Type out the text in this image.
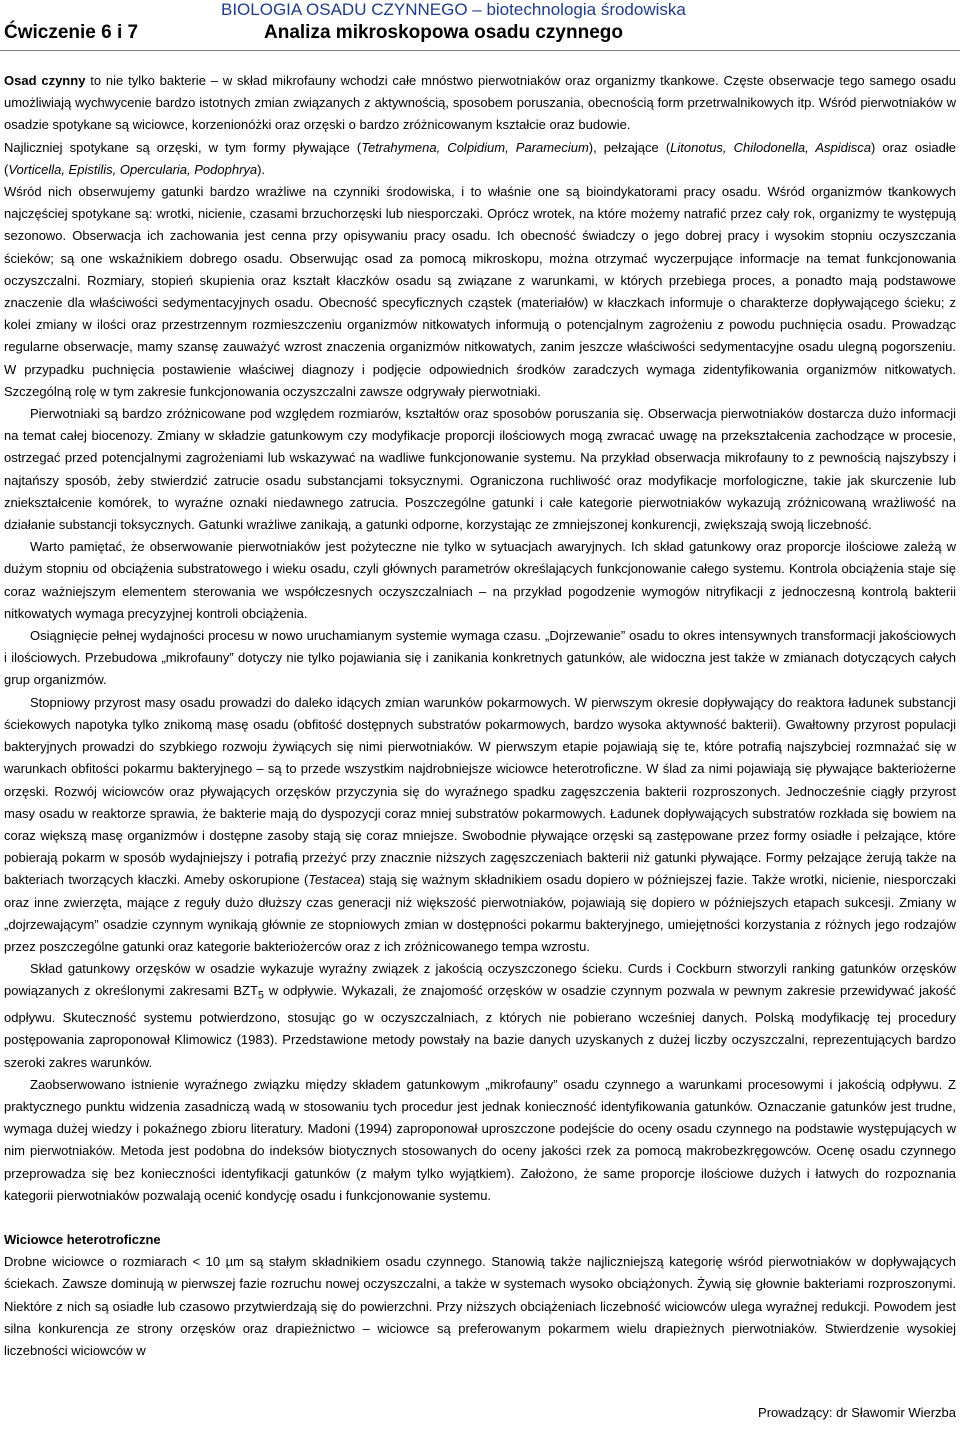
Ćwiczenie 6 i 7
BIOLOGIA OSADU CZYNNEGO – biotechnologia środowiska
Analiza mikroskopowa osadu czynnego

Osad czynny to nie tylko bakterie – w skład mikrofauny wchodzi całe mnóstwo pierwotniaków oraz organizmy tkankowe. Częste obserwacje tego samego osadu umożliwiają wychwycenie bardzo istotnych zmian związanych z aktywnością, sposobem poruszania, obecnością form przetrwalnikowych itp. Wśród pierwotniaków w osadzie spotykane są wiciowce, korzenionóżki oraz orzęski o bardzo zróżnicowanym kształcie oraz budowie.

Najliczniej spotykane są orzęski, w tym formy pływające (Tetrahymena, Colpidium, Paramecium), pełzające (Litonotus, Chilodonella, Aspidisca) oraz osiadłe (Vorticella, Epistilis, Opercularia, Podophrya).

Wśród nich obserwujemy gatunki bardzo wrażliwe na czynniki środowiska, i to właśnie one są bioindykatorami pracy osadu. Wśród organizmów tkankowych najczęściej spotykane są: wrotki, nicienie, czasami brzuchorzęski lub niesporczaki. Oprócz wrotek, na które możemy natrafić przez cały rok, organizmy te występują sezonowo. Obserwacja ich zachowania jest cenna przy opisywaniu pracy osadu. Ich obecność świadczy o jego dobrej pracy i wysokim stopniu oczyszczania ścieków; są one wskaźnikiem dobrego osadu. Obserwując osad za pomocą mikroskopu, można otrzymać wyczerpujące informacje na temat funkcjonowania oczyszczalni. Rozmiary, stopień skupienia oraz kształt kłaczków osadu są związane z warunkami, w których przebiega proces, a ponadto mają podstawowe znaczenie dla właściwości sedymentacyjnych osadu. Obecność specyficznych cząstek (materiałów) w kłaczkach informuje o charakterze dopływającego ścieku; z kolei zmiany w ilości oraz przestrzennym rozmieszczeniu organizmów nitkowatych informują o potencjalnym zagrożeniu z powodu puchnięcia osadu. Prowadząc regularne obserwacje, mamy szansę zauważyć wzrost znaczenia organizmów nitkowatych, zanim jeszcze właściwości sedymentacyjne osadu ulegną pogorszeniu. W przypadku puchnięcia postawienie właściwej diagnozy i podjęcie odpowiednich środków zaradczych wymaga zidentyfikowania organizmów nitkowatych. Szczególną rolę w tym zakresie funkcjonowania oczyszczalni zawsze odgrywały pierwotniaki.

Pierwotniaki są bardzo zróżnicowane pod względem rozmiarów, kształtów oraz sposobów poruszania się. Obserwacja pierwotniaków dostarcza dużo informacji na temat całej biocenozy. Zmiany w składzie gatunkowym czy modyfikacje proporcji ilościowych mogą zwracać uwagę na przekształcenia zachodzące w procesie, ostrzegać przed potencjalnymi zagrożeniami lub wskazywać na wadliwe funkcjonowanie systemu. Na przykład obserwacja mikrofauny to z pewnością najszybszy i najtańszy sposób, żeby stwierdzić zatrucie osadu substancjami toksycznymi. Ograniczona ruchliwość oraz modyfikacje morfologiczne, takie jak skurczenie lub zniekształcenie komórek, to wyraźne oznaki niedawnego zatrucia. Poszczególne gatunki i całe kategorie pierwotniaków wykazują zróżnicowaną wrażliwość na działanie substancji toksycznych. Gatunki wrażliwe zanikają, a gatunki odporne, korzystając ze zmniejszonej konkurencji, zwiększają swoją liczebność.

Warto pamiętać, że obserwowanie pierwotniaków jest pożyteczne nie tylko w sytuacjach awaryjnych. Ich skład gatunkowy oraz proporcje ilościowe zależą w dużym stopniu od obciążenia substratowego i wieku osadu, czyli głównych parametrów określających funkcjonowanie całego systemu. Kontrola obciążenia staje się coraz ważniejszym elementem sterowania we współczesnych oczyszczalniach – na przykład pogodzenie wymogów nitryfikacji z jednoczesną kontrolą bakterii nitkowatych wymaga precyzyjnej kontroli obciążenia.

Osiągnięcie pełnej wydajności procesu w nowo uruchamianym systemie wymaga czasu. „Dojrzewanie” osadu to okres intensywnych transformacji jakościowych i ilościowych. Przebudowa „mikrofauny” dotyczy nie tylko pojawiania się i zanikania konkretnych gatunków, ale widoczna jest także w zmianach dotyczących całych grup organizmów.

Stopniowy przyrost masy osadu prowadzi do daleko idących zmian warunków pokarmowych. W pierwszym okresie dopływający do reaktora ładunek substancji ściekowych napotyka tylko znikomą masę osadu (obfitość dostępnych substratów pokarmowych, bardzo wysoka aktywność bakterii). Gwałtowny przyrost populacji bakteryjnych prowadzi do szybkiego rozwoju żywiących się nimi pierwotniaków. W pierwszym etapie pojawiają się te, które potrafią najszybciej rozmnażać się w warunkach obfitości pokarmu bakteryjnego – są to przede wszystkim najdrobniejsze wiciowce heterotroficzne. W ślad za nimi pojawiają się pływające bakteriożerne orzęski. Rozwój wiciowców oraz pływających orzęsków przyczynia się do wyraźnego spadku zagęszczenia bakterii rozproszonych. Jednocześnie ciągły przyrost masy osadu w reaktorze sprawia, że bakterie mają do dyspozycji coraz mniej substratów pokarmowych. Ładunek dopływających substratów rozkłada się bowiem na coraz większą masę organizmów i dostępne zasoby stają się coraz mniejsze. Swobodnie pływające orzęski są zastępowane przez formy osiadłe i pełzające, które pobierają pokarm w sposób wydajniejszy i potrafią przeżyć przy znacznie niższych zagęszczeniach bakterii niż gatunki pływające. Formy pełzające żerują także na bakteriach tworzących kłaczki. Ameby oskorupione (Testacea) stają się ważnym składnikiem osadu dopiero w późniejszej fazie. Także wrotki, nicienie, niesporczaki oraz inne zwierzęta, mające z reguły dużo dłuższy czas generacji niż większość pierwotniaków, pojawiają się dopiero w późniejszych etapach sukcesji. Zmiany w „dojrzewającym” osadzie czynnym wynikają głównie ze stopniowych zmian w dostępności pokarmu bakteryjnego, umiejętności korzystania z różnych jego rodzajów przez poszczególne gatunki oraz kategorie bakteriożerców oraz z ich zróżnicowanego tempa wzrostu.

Skład gatunkowy orzęsków w osadzie wykazuje wyraźny związek z jakością oczyszczonego ścieku. Curds i Cockburn stworzyli ranking gatunków orzęsków powiązanych z określonymi zakresami $BZT_5$ w odpływie. Wykazali, że znajomość orzęsków w osadzie czynnym pozwala w pewnym zakresie przewidywać jakość odpływu. Skuteczność systemu potwierdzono, stosując go w oczyszczalniach, z których nie pobierano wcześniej danych. Polską modyfikację tej procedury postępowania zaproponował Klimowicz (1983). Przedstawione metody powstały na bazie danych uzyskanych z dużej liczby oczyszczalni, reprezentujących bardzo szeroki zakres warunków.

Zaobserwowano istnienie wyraźnego związku między składem gatunkowym „mikrofauny” osadu czynnego a warunkami procesowymi i jakością odpływu. Z praktycznego punktu widzenia zasadniczą wadą w stosowaniu tych procedur jest jednak konieczność identyfikowania gatunków. Oznaczanie gatunków jest trudne, wymaga dużej wiedzy i pokaźnego zbioru literatury. Madoni (1994) zaproponował uproszczone podejście do oceny osadu czynnego na podstawie występujących w nim pierwotniaków. Metoda jest podobna do indeksów biotycznych stosowanych do oceny jakości rzek za pomocą makrobezkręgowców. Ocenę osadu czynnego przeprowadza się bez konieczności identyfikacji gatunków (z małym tylko wyjątkiem). Założono, że same proporcje ilościowe dużych i łatwych do rozpoznania kategorii pierwotniaków pozwalają ocenić kondycję osadu i funkcjonowanie systemu.

Wiciowce heterotroficzne

Drobne wiciowce o rozmiarach < 10 µm są stałym składnikiem osadu czynnego. Stanowią także najliczniejszą kategorię wśród pierwotniaków w dopływających ściekach. Zawsze dominują w pierwszej fazie rozruchu nowej oczyszczalni, a także w systemach wysoko obciążonych. Żywią się głownie bakteriami rozproszonymi. Niektóre z nich są osiadłe lub czasowo przytwierdzają się do powierzchni. Przy niższych obciążeniach liczebność wiciowców ulega wyraźnej redukcji. Powodem jest silna konkurencja ze strony orzęsków oraz drapieżnictwo – wiciowce są preferowanym pokarmem wielu drapieżnych pierwotniaków. Stwierdzenie wysokiej liczebności wiciowców w

Prowadzący: dr Sławomir Wierzba
